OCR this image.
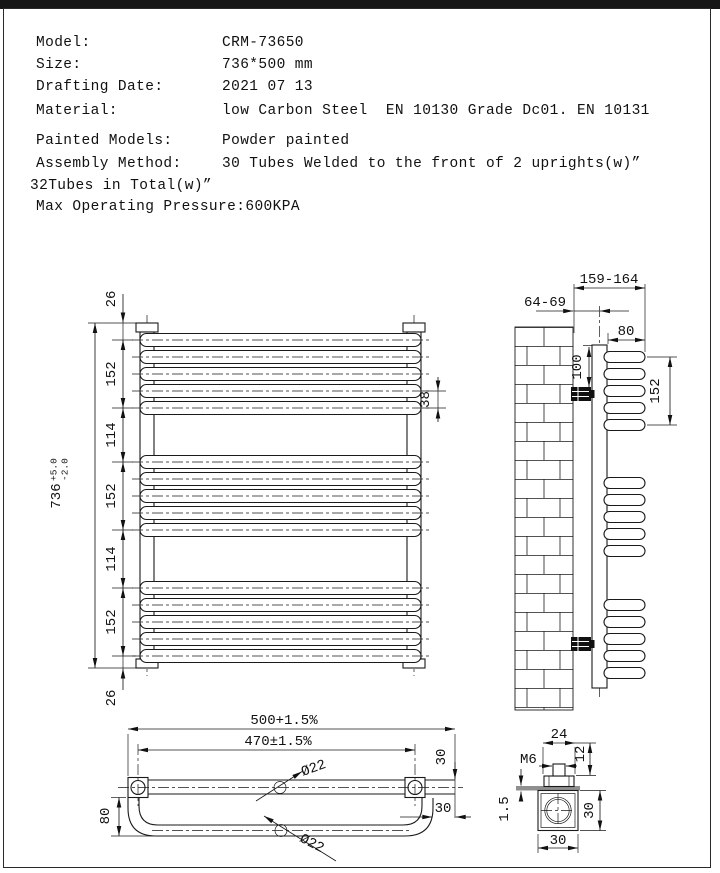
Model:	CRM-73650
Size:	736*500 mm
Drafting Date:	2021 07 13
Material:	low Carbon Steel  EN 10130 Grade Dc01. EN 10131
Painted Models:	Powder painted
Assembly Method:	30 Tubes Welded to the front of 2 uprights(w)”
32Tubes in Total(w)”
Max Operating Pressure:600KPA
736
+5.0 -2.0
26
152
114
152
114
152
26
38
159-164
64-69
80
100
152
500+1.5%
470±1.5%
80
Ø22
Ø22
30
30
24
12
M6
1.5	30
30
